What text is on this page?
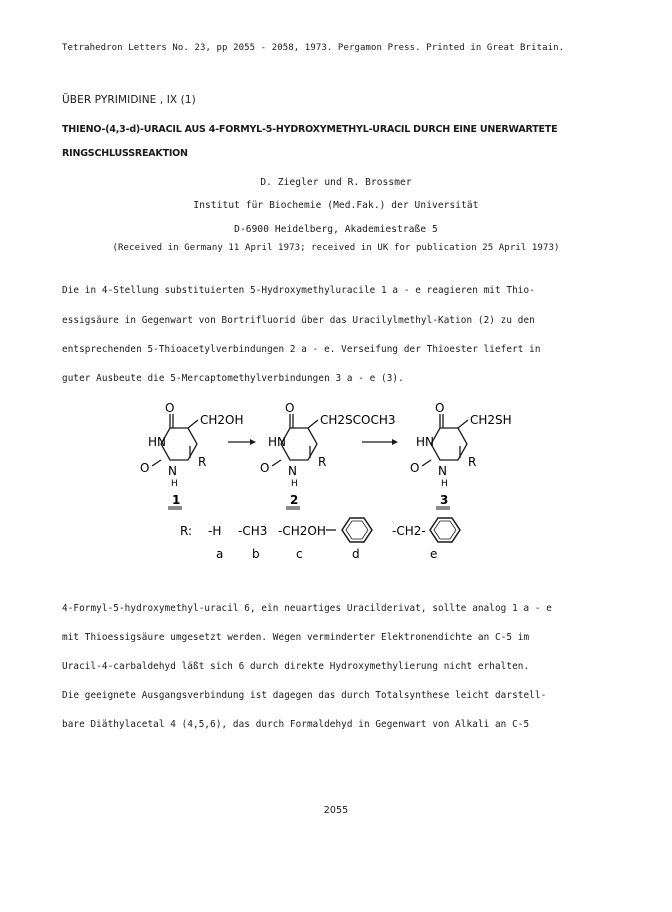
Tetrahedron Letters No. 23, pp 2055 - 2058, 1973. Pergamon Press. Printed in Great Britain.
ÜBER PYRIMIDINE , IX (1)
THIENO-(4,3-d)-URACIL AUS 4-FORMYL-5-HYDROXYMETHYL-URACIL DURCH EINE UNERWARTETE
RINGSCHLUSSREAKTION
D. Ziegler und R. Brossmer
Institut für Biochemie (Med.Fak.) der Universität
D-6900 Heidelberg, Akademiestraße 5
(Received in Germany 11 April 1973; received in UK for publication 25 April 1973)
Die in 4-Stellung substituierten 5-Hydroxymethyluracile 1 a - e reagieren mit Thio-
essigsäure in Gegenwart von Bortrifluorid über das Uracilylmethyl-Kation (2) zu den
entsprechenden 5-Thioacetylverbindungen 2 a - e. Verseifung der Thioester liefert in
guter Ausbeute die 5-Mercaptomethylverbindungen 3 a - e (3).
O
HN
O N
H
R
CH2OH
1
O
HN
O N
H
R
CH2SCOCH3
2
O
HN
O N
H
R
CH2SH
3
R: -H -CH3 -CH2OH	-CH2-
a b	c	d	e
4-Formyl-5-hydroxymethyl-uracil 6, ein neuartiges Uracilderivat, sollte analog 1 a - e
mit Thioessigsäure umgesetzt werden. Wegen verminderter Elektronendichte an C-5 im
Uracil-4-carbaldehyd läßt sich 6 durch direkte Hydroxymethylierung nicht erhalten.
Die geeignete Ausgangsverbindung ist dagegen das durch Totalsynthese leicht darstell-
bare Diäthylacetal 4 (4,5,6), das durch Formaldehyd in Gegenwart von Alkali an C-5
2055
